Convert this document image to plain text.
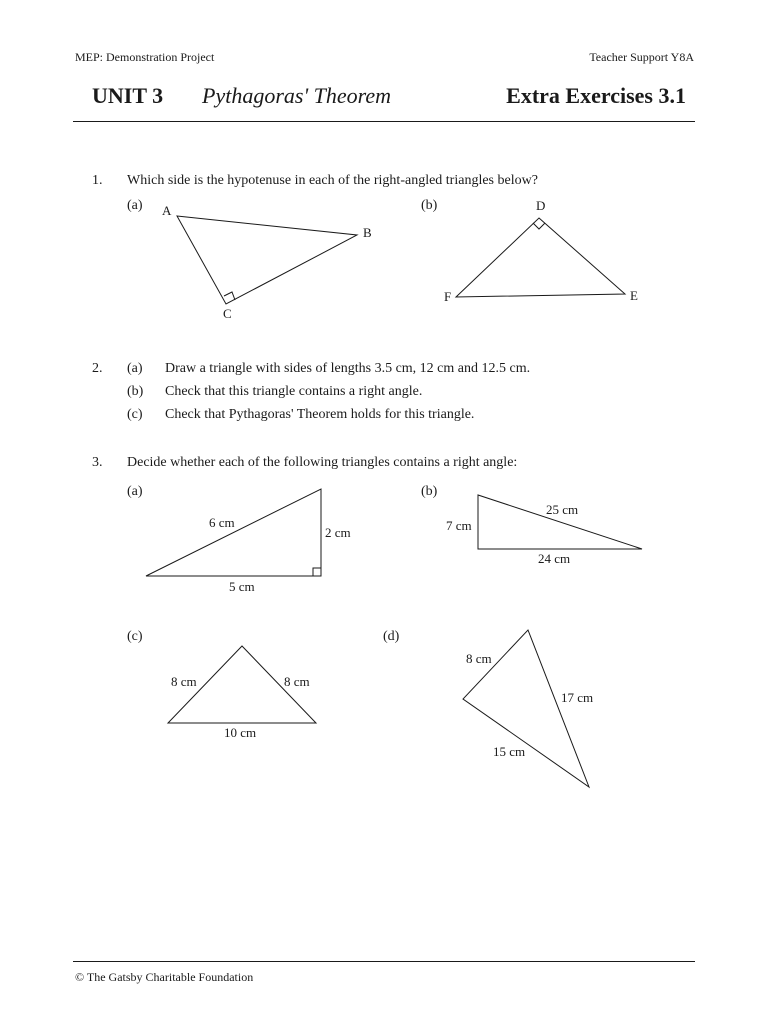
MEP: Demonstration Project	Teacher Support Y8A
UNIT 3 Pythagoras' Theorem	Extra Exercises 3.1
1. Which side is the hypotenuse in each of the right-angled triangles below?
(a)	(b)
2. (a) Draw a triangle with sides of lengths 3.5 cm, 12 cm and 12.5 cm.
(b) Check that this triangle contains a right angle.
(c) Check that Pythagoras' Theorem holds for this triangle.
3. Decide whether each of the following triangles contains a right angle:
(a)	(b)
(c)	(d)
A
B
C
D
E
F
6 cm
2 cm
5 cm
25 cm
7 cm
24 cm
8 cm	8 cm
10 cm
8 cm
17 cm
15 cm
© The Gatsby Charitable Foundation
